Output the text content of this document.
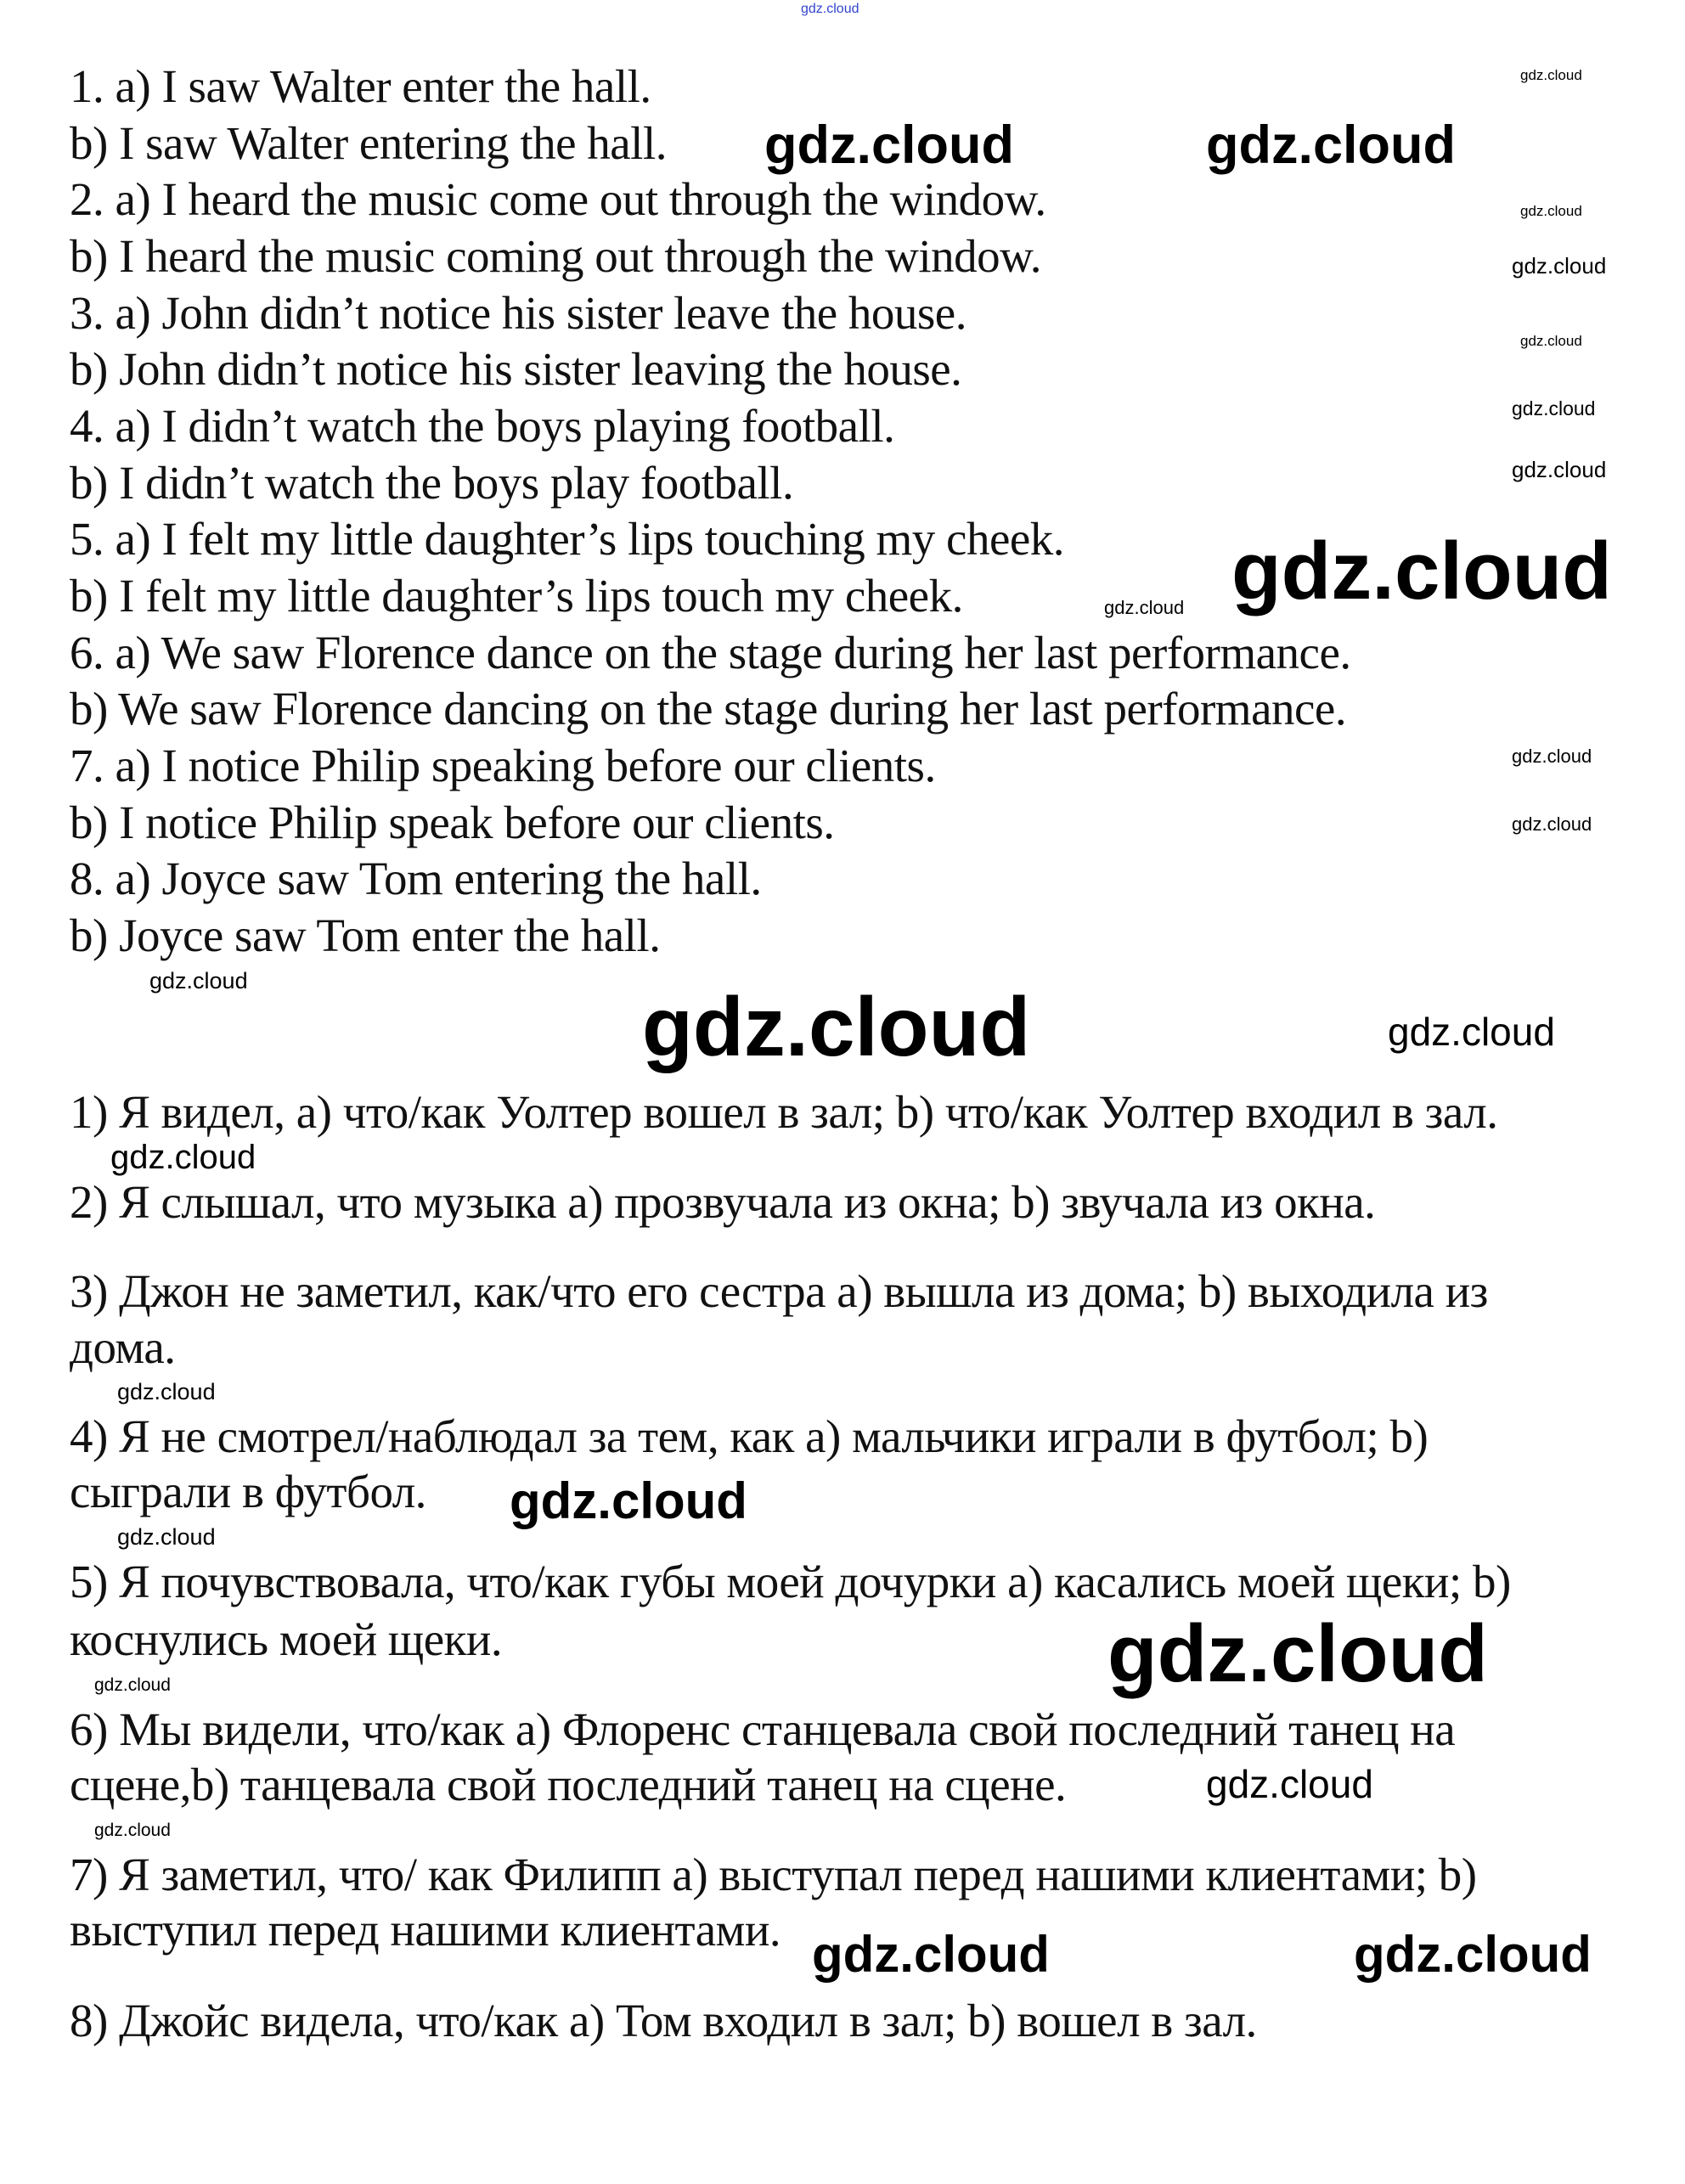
1. a) I saw Walter enter the hall.
b) I saw Walter entering the hall.
2. a) I heard the music come out through the window.
b) I heard the music coming out through the window.
3. a) John didn’t notice his sister leave the house.
b) John didn’t notice his sister leaving the house.
4. a) I didn’t watch the boys playing football.
b) I didn’t watch the boys play football.
5. a) I felt my little daughter’s lips touching my cheek.
b) I felt my little daughter’s lips touch my cheek.
6. a) We saw Florence dance on the stage during her last performance.
b) We saw Florence dancing on the stage during her last performance.
7. a) I notice Philip speaking before our clients.
b) I notice Philip speak before our clients.
8. a) Joyce saw Tom entering the hall.
b) Joyce saw Tom enter the hall.
1) Я видел, a) что/как Уолтер вошел в зал; b) что/как Уолтер входил в зал.
2) Я слышал, что музыка a) прозвучала из окна; b) звучала из окна.
3) Джон не заметил, как/что его сестра a) вышла из дома; b) выходила из
дома.
4) Я не смотрел/наблюдал за тем, как a) мальчики играли в футбол; b)
сыграли в футбол.
5) Я почувствовала, что/как губы моей дочурки a) касались моей щеки; b)
коснулись моей щеки.
6) Мы видели, что/как a) Флоренс станцевала свой последний танец на
сцене,b) танцевала свой последний танец на сцене.
7) Я заметил, что/ как Филипп a) выступал перед нашими клиентами; b)
выступил перед нашими клиентами.
8) Джойс видела, что/как a) Том входил в зал; b) вошел в зал.
gdz.cloud
gdz.cloud	gdz.cloud
gdz.cloud
gdz.cloud	gdz.cloud
gdz.cloud
gdz.cloud
gdz.cloud
gdz.cloud
gdz.cloud	gdz.cloud
gdz.cloud
gdz.cloud
gdz.cloud
gdz.cloud
gdz.cloud
gdz.cloud
gdz.cloud
gdz.cloud
gdz.cloud
gdz.cloud
gdz.cloud
gdz.cloud
gdz.cloud
gdz.cloud
